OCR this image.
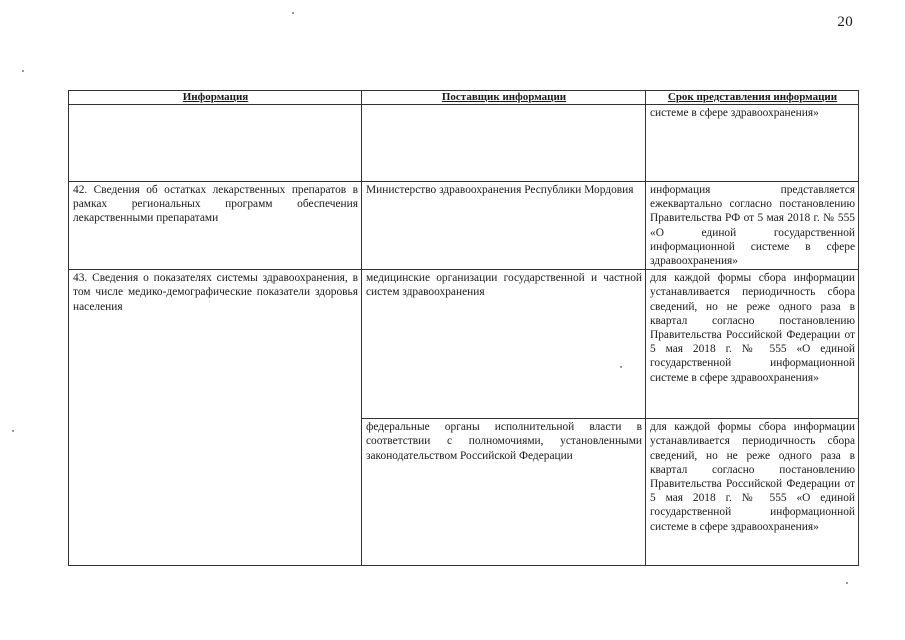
20
Информация	Поставщик информации	Срок представления информации
		системе в сфере здравоохранения»
42. Сведения об остатках лекарственных препаратов в рамках региональных программ обеспечения лекарственными препаратами	Министерство здравоохранения Республики Мордовия	информация представляется ежеквартально согласно постановлению Правительства РФ от 5 мая 2018 г. № 555 «О единой государственной информационной системе в сфере здравоохранения»
43. Сведения о показателях системы здравоохранения, в том числе медико-демографические показатели здоровья населения	медицинские организации государственной и частной систем здравоохранения	для каждой формы сбора информации устанавливается периодичность сбора сведений, но не реже одного раза в квартал согласно постановлению Правительства Российской Федерации от 5 мая 2018 г. № 555 «О единой государственной информационной системе в сфере здравоохранения»
	федеральные органы исполнительной власти в соответствии с полномочиями, установленными законодательством Российской Федерации	для каждой формы сбора информации устанавливается периодичность сбора сведений, но не реже одного раза в квартал согласно постановлению Правительства Российской Федерации от 5 мая 2018 г. № 555 «О единой государственной информационной системе в сфере здравоохранения»
